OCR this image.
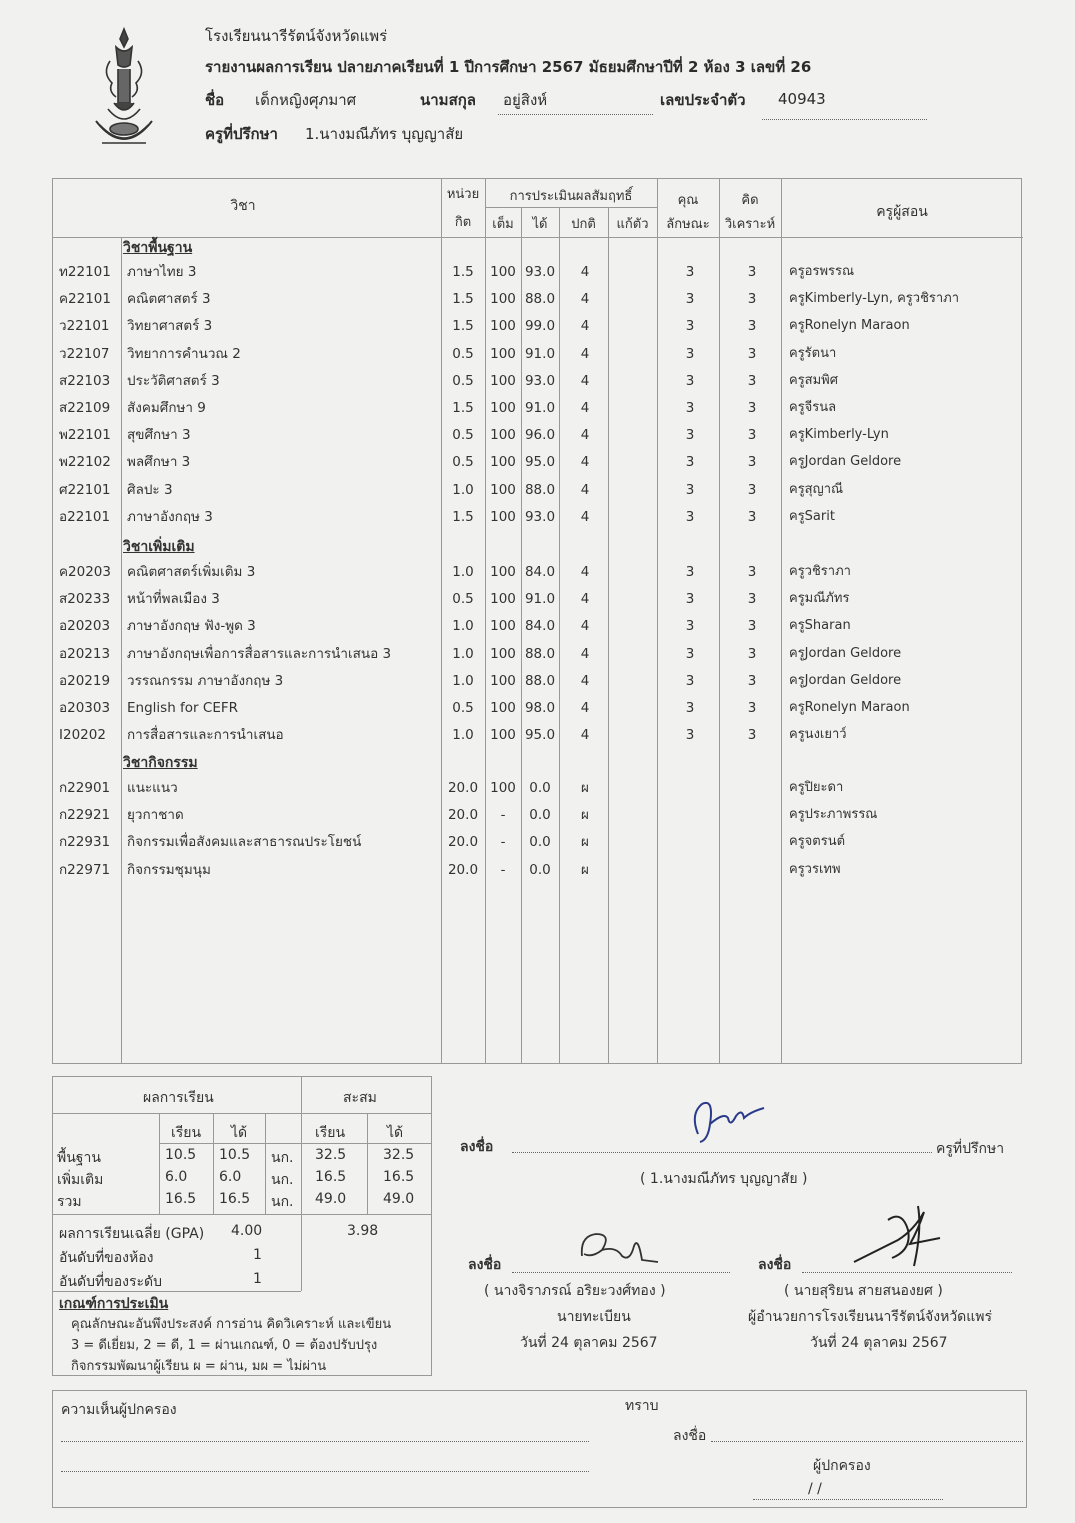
โรงเรียนนารีรัตน์จังหวัดแพร่
รายงานผลการเรียน ปลายภาคเรียนที่ 1 ปีการศึกษา 2567 มัธยมศึกษาปีที่ 2 ห้อง 3 เลขที่ 26
ชื่อ เด็กหญิงศุภมาศ	นามสกุล อยู่สิงห์	เลขประจำตัว 40943
ครูที่ปรึกษา 1.นางมณีภัทร บุญญาสัย
วิชา
หน่วย
กิต
การประเมินผลสัมฤทธิ์
เต็ม	ได้	ปกติ	แก้ตัว
คุณ
ลักษณะ
คิด
วิเคราะห์
ครูผู้สอน
วิชาพื้นฐาน
ท22101 ภาษาไทย 3	1.5	100 93.0	4	3	3	ครูอรพรรณ
ค22101 คณิตศาสตร์ 3	1.5	100 88.0	4	3	3	ครูKimberly-Lyn, ครูวชิราภา
ว22101 วิทยาศาสตร์ 3	1.5	100 99.0	4	3	3	ครูRonelyn Maraon
ว22107 วิทยาการคำนวณ 2	0.5	100 91.0	4	3	3	ครูรัตนา
ส22103 ประวัติศาสตร์ 3	0.5	100 93.0	4	3	3	ครูสมพิศ
ส22109 สังคมศึกษา 9	1.5	100 91.0	4	3	3	ครูจีรนล
พ22101 สุขศึกษา 3	0.5	100 96.0	4	3	3	ครูKimberly-Lyn
พ22102 พลศึกษา 3	0.5	100 95.0	4	3	3	ครูJordan Geldore
ศ22101 ศิลปะ 3	1.0	100 88.0	4	3	3	ครูสุญาณี
อ22101 ภาษาอังกฤษ 3	1.5	100 93.0	4	3	3	ครูSarit
วิชาเพิ่มเติม
ค20203 คณิตศาสตร์เพิ่มเติม 3	1.0	100 84.0	4	3	3	ครูวชิราภา
ส20233 หน้าที่พลเมือง 3	0.5	100 91.0	4	3	3	ครูมณีภัทร
อ20203 ภาษาอังกฤษ ฟัง-พูด 3	1.0	100 84.0	4	3	3	ครูSharan
อ20213 ภาษาอังกฤษเพื่อการสื่อสารและการนำเสนอ 3	1.0	100 88.0	4	3	3	ครูJordan Geldore
อ20219 วรรณกรรม ภาษาอังกฤษ 3	1.0	100 88.0	4	3	3	ครูJordan Geldore
อ20303 English for CEFR	0.5	100 98.0	4	3	3	ครูRonelyn Maraon
I20202 การสื่อสารและการนำเสนอ	1.0	100 95.0	4	3	3	ครูนงเยาว์
วิชากิจกรรม
ก22901 แนะแนว	20.0 100 0.0	ผ	ครูปิยะดา
ก22921 ยุวกาชาด	20.0	-	0.0	ผ	ครูประภาพรรณ
ก22931 กิจกรรมเพื่อสังคมและสาธารณประโยชน์	20.0	-	0.0	ผ	ครูจตรนต์
ก22971 กิจกรรมชุมนุม	20.0	-	0.0	ผ	ครูวรเทพ
ผลการเรียน	สะสม
เรียน ได้	เรียน	ได้
พื้นฐาน	10.5 10.5 นก. 32.5	32.5
เพิ่มเติม	6.0 6.0 นก. 16.5	16.5
รวม	16.5 16.5 นก. 49.0	49.0
ผลการเรียนเฉลี่ย (GPA) 4.00	3.98
อันดับที่ของห้อง	1
อันดับที่ของระดับ	1
เกณฑ์การประเมิน
คุณลักษณะอันพึงประสงค์ การอ่าน คิดวิเคราะห์ และเขียน
3 = ดีเยี่ยม, 2 = ดี, 1 = ผ่านเกณฑ์, 0 = ต้องปรับปรุง
กิจกรรมพัฒนาผู้เรียน ผ = ผ่าน, มผ = ไม่ผ่าน
ลงชื่อ	ครูที่ปรึกษา
( 1.นางมณีภัทร บุญญาสัย )
ลงชื่อ
( นางจิราภรณ์ อริยะวงศ์ทอง )
นายทะเบียน
วันที่ 24 ตุลาคม 2567
ลงชื่อ
( นายสุริยน สายสนองยศ )
ผู้อำนวยการโรงเรียนนารีรัตน์จังหวัดแพร่
วันที่ 24 ตุลาคม 2567
ความเห็นผู้ปกครอง	ทราบ
ลงชื่อ
ผู้ปกครอง
/ /
